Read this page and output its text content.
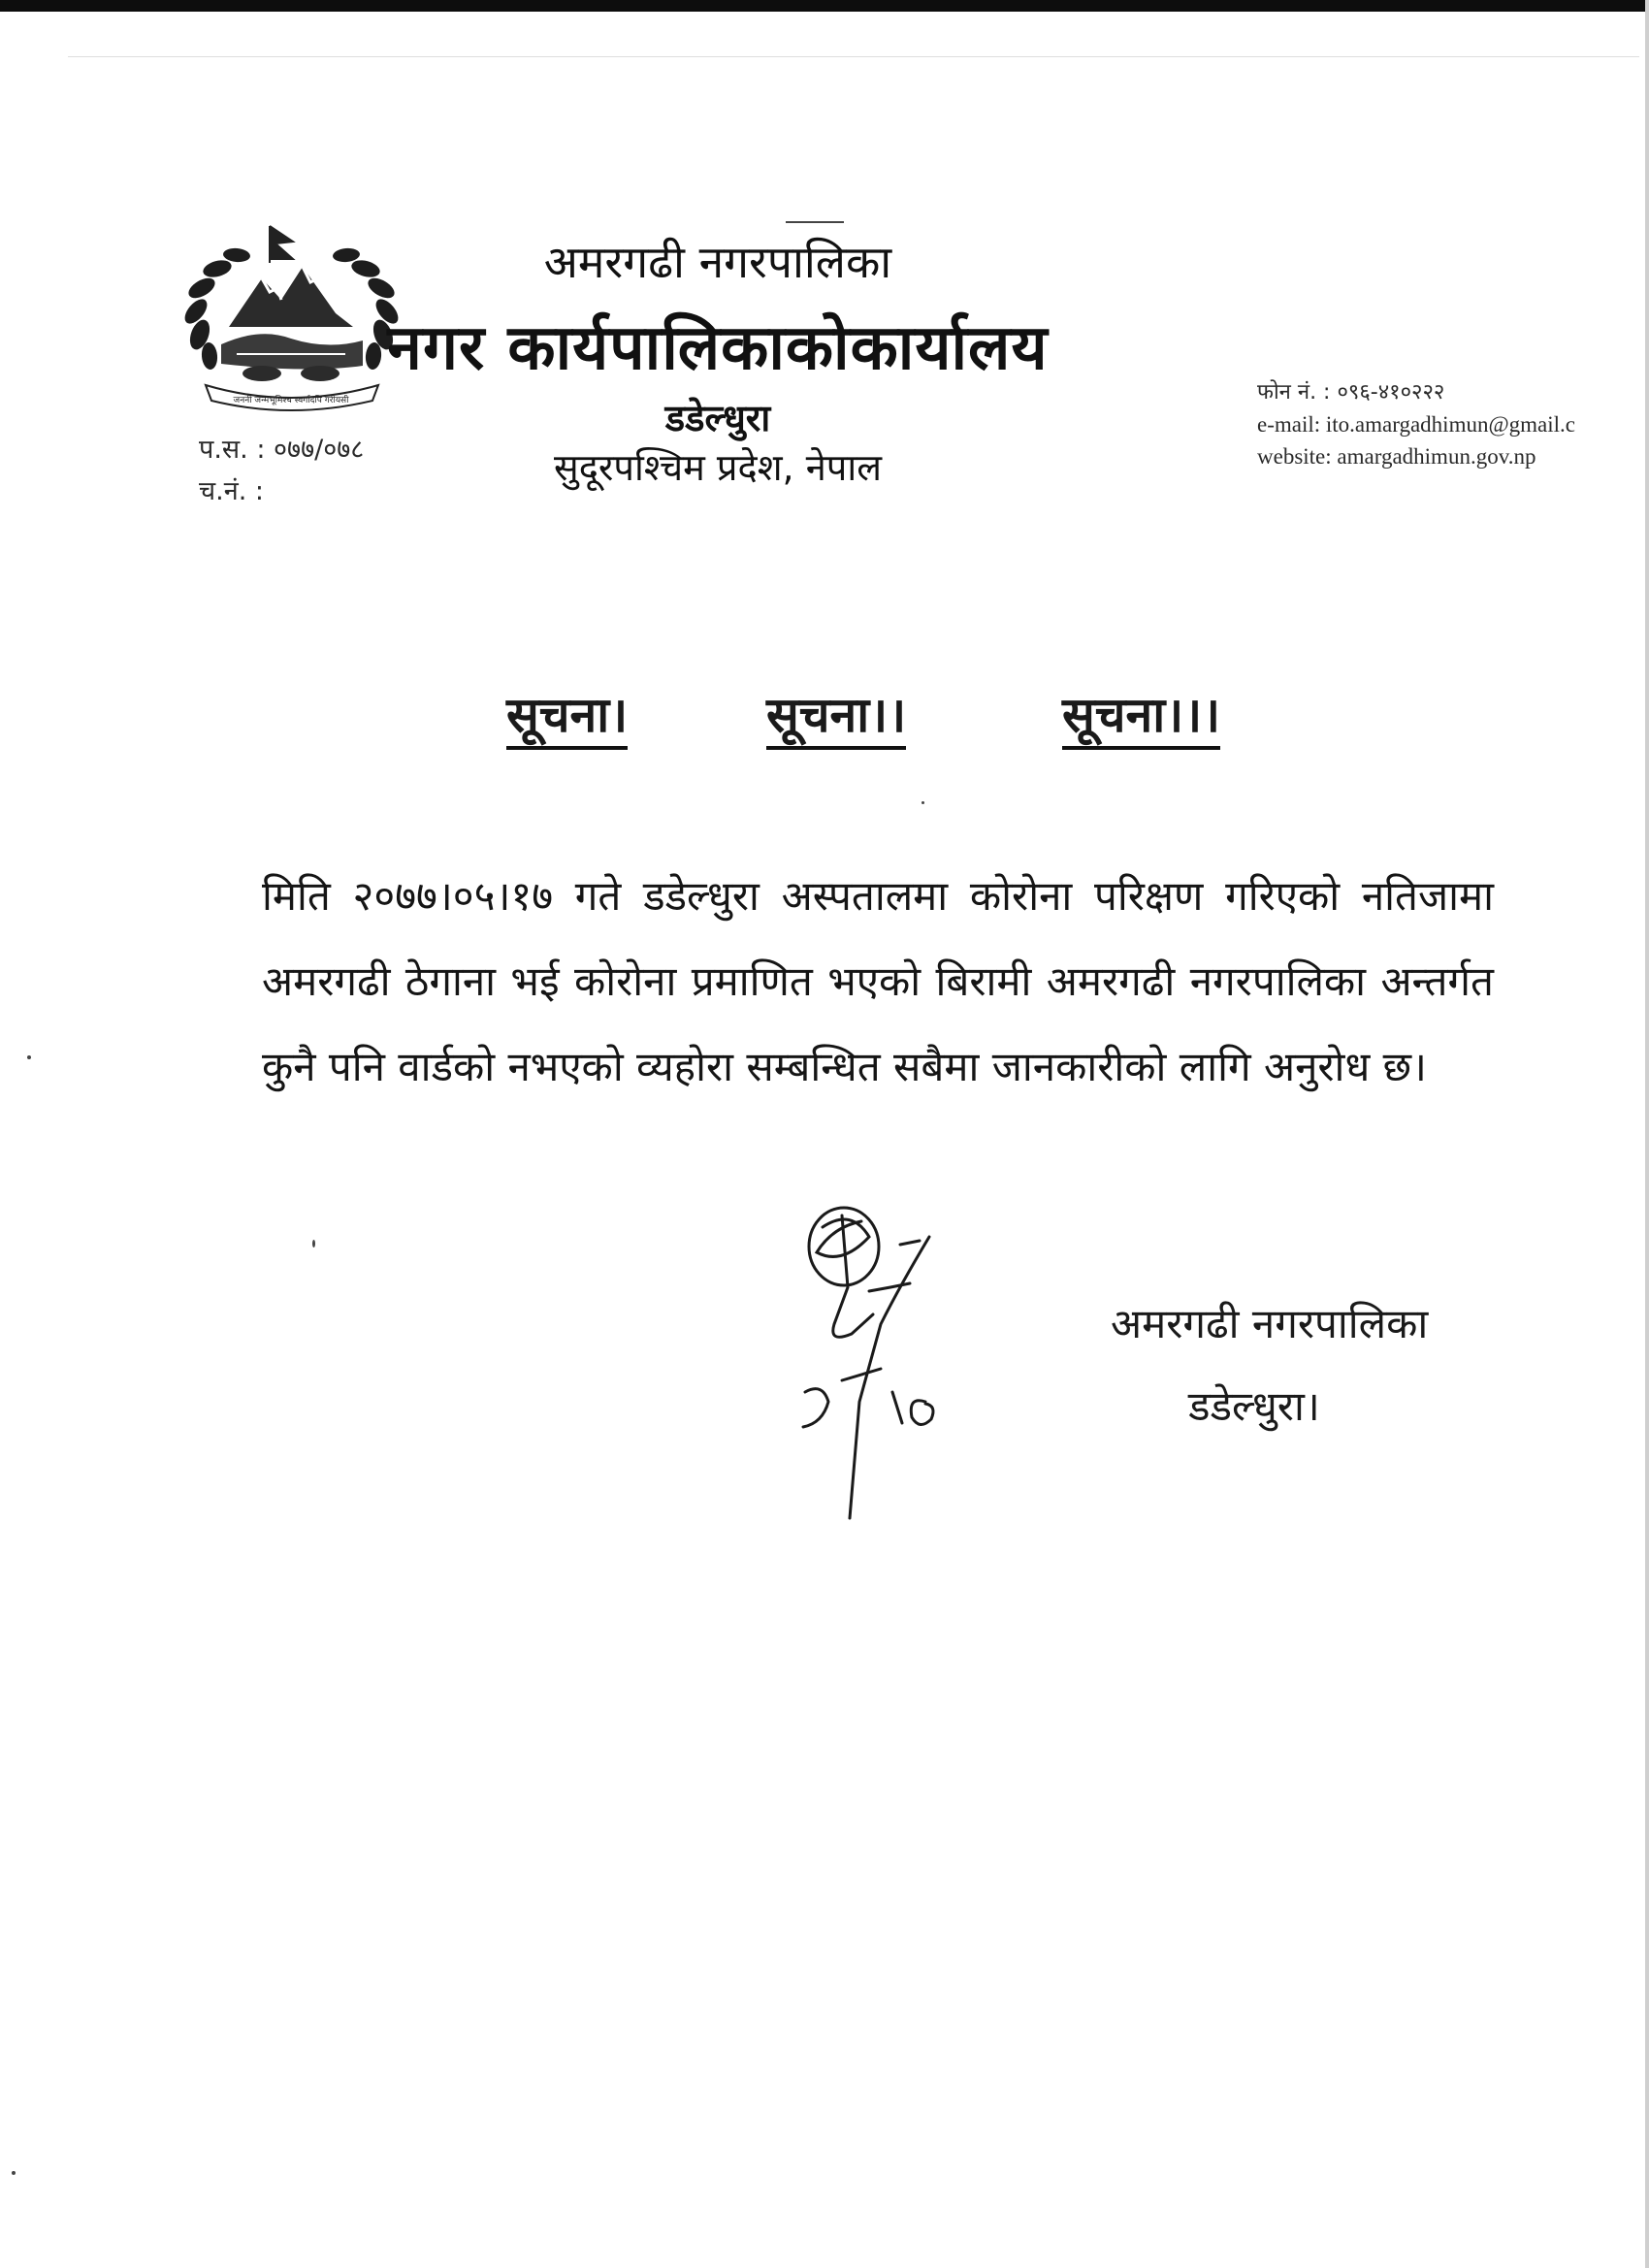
जननी जन्मभूमिश्च स्वर्गादपि गरीयसी
प.स. : ०७७/०७८
च.नं. :
अमरगढी नगरपालिका
नगर कार्यपालिकाकोकार्यालय
डडेल्धुरा
सुदूरपश्चिम प्रदेश, नेपाल
फोन नं. : ०९६-४१०२२२
e-mail: ito.amargadhimun@gmail.c
website: amargadhimun.gov.np
सूचना।	सूचना।।	सूचना।।।
मिति २०७७।०५।१७ गते डडेल्धुरा अस्पतालमा कोरोना परिक्षण गरिएको नतिजामा अमरगढी ठेगाना भई कोरोना प्रमाणित भएको बिरामी अमरगढी नगरपालिका अन्तर्गत कुनै पनि वार्डको नभएको व्यहोरा सम्बन्धित सबैमा जानकारीको लागि अनुरोध छ।
अमरगढी नगरपालिका
डडेल्धुरा।
